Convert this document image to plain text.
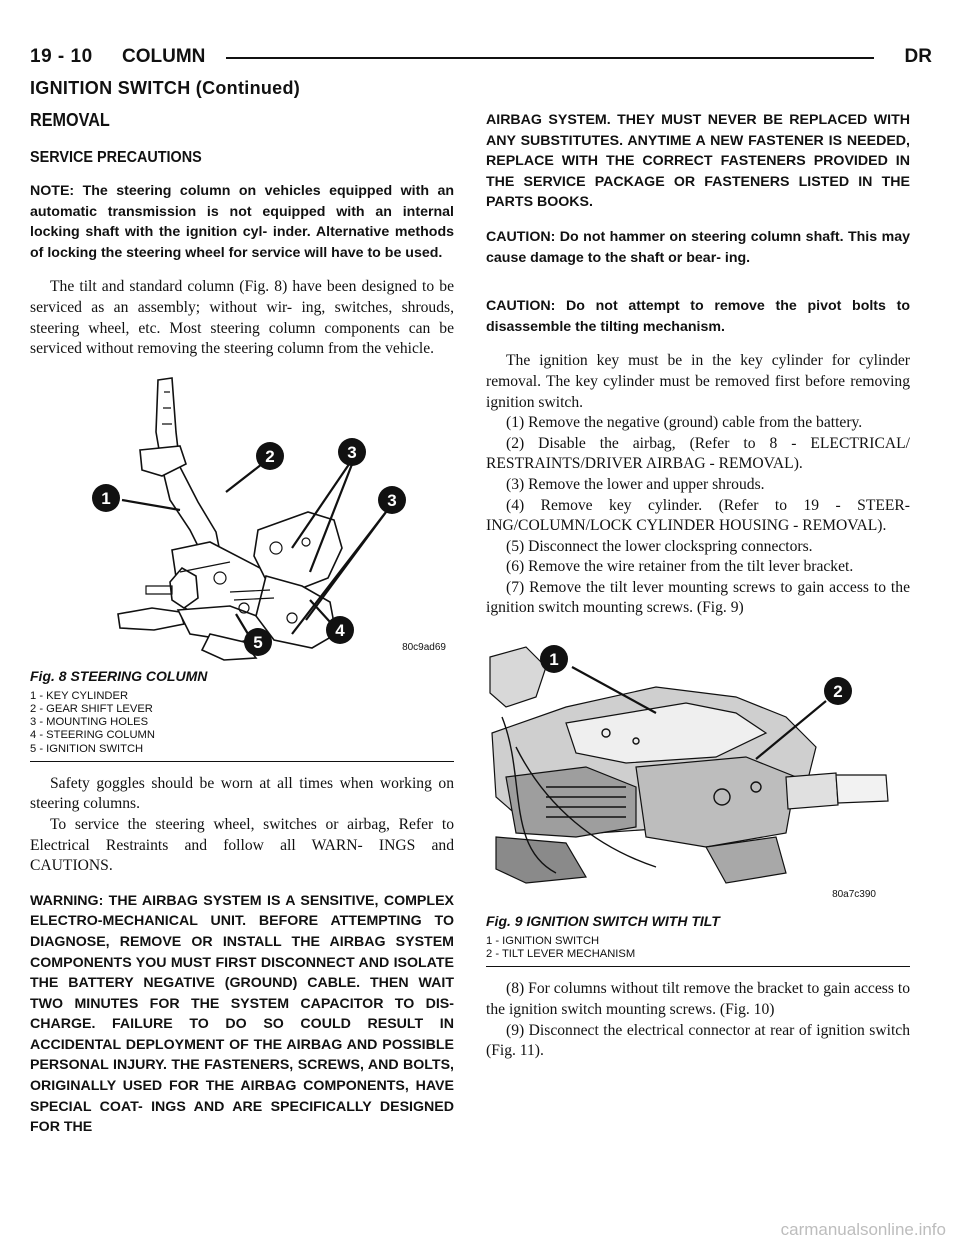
19 - 10 COLUMN	DR
IGNITION SWITCH (Continued)
REMOVAL
SERVICE PRECAUTIONS

NOTE: The steering column on vehicles equipped with an automatic transmission is not equipped with an internal locking shaft with the ignition cyl- inder. Alternative methods of locking the steering wheel for service will have to be used.

The tilt and standard column (Fig. 8) have been designed to be serviced as an assembly; without wir- ing, switches, shrouds, steering wheel, etc. Most steering column components can be serviced without removing the steering column from the vehicle.

1
2	3
3
4
5	80c9ad69
Fig. 8 STEERING COLUMN
1 - KEY CYLINDER
2 - GEAR SHIFT LEVER
3 - MOUNTING HOLES
4 - STEERING COLUMN
5 - IGNITION SWITCH

Safety goggles should be worn at all times when working on steering columns.

To service the steering wheel, switches or airbag, Refer to Electrical Restraints and follow all WARN- INGS and CAUTIONS.

WARNING: THE AIRBAG SYSTEM IS A SENSITIVE, COMPLEX ELECTRO-MECHANICAL UNIT. BEFORE ATTEMPTING TO DIAGNOSE, REMOVE OR INSTALL THE AIRBAG SYSTEM COMPONENTS YOU MUST FIRST DISCONNECT AND ISOLATE THE BATTERY NEGATIVE (GROUND) CABLE. THEN WAIT TWO MINUTES FOR THE SYSTEM CAPACITOR TO DIS- CHARGE. FAILURE TO DO SO COULD RESULT IN ACCIDENTAL DEPLOYMENT OF THE AIRBAG AND POSSIBLE PERSONAL INJURY. THE FASTENERS, SCREWS, AND BOLTS, ORIGINALLY USED FOR THE AIRBAG COMPONENTS, HAVE SPECIAL COAT- INGS AND ARE SPECIFICALLY DESIGNED FOR THE

AIRBAG SYSTEM. THEY MUST NEVER BE REPLACED WITH ANY SUBSTITUTES. ANYTIME A NEW FASTENER IS NEEDED, REPLACE WITH THE CORRECT FASTENERS PROVIDED IN THE SERVICE PACKAGE OR FASTENERS LISTED IN THE PARTS BOOKS.

CAUTION: Do not hammer on steering column shaft. This may cause damage to the shaft or bear- ing.

CAUTION: Do not attempt to remove the pivot bolts to disassemble the tilting mechanism.

The ignition key must be in the key cylinder for cylinder removal. The key cylinder must be removed first before removing ignition switch.

(1) Remove the negative (ground) cable from the battery.

(2) Disable the airbag, (Refer to 8 - ELECTRICAL/ RESTRAINTS/DRIVER AIRBAG - REMOVAL).

(3) Remove the lower and upper shrouds.

(4) Remove key cylinder. (Refer to 19 - STEER- ING/COLUMN/LOCK CYLINDER HOUSING - REMOVAL).

(5) Disconnect the lower clockspring connectors.

(6) Remove the wire retainer from the tilt lever bracket.

(7) Remove the tilt lever mounting screws to gain access to the ignition switch mounting screws. (Fig. 9)

1
2
80a7c390
Fig. 9 IGNITION SWITCH WITH TILT
1 - IGNITION SWITCH
2 - TILT LEVER MECHANISM

(8) For columns without tilt remove the bracket to gain access to the ignition switch mounting screws. (Fig. 10)

(9) Disconnect the electrical connector at rear of ignition switch (Fig. 11).

carmanualsonline.info
